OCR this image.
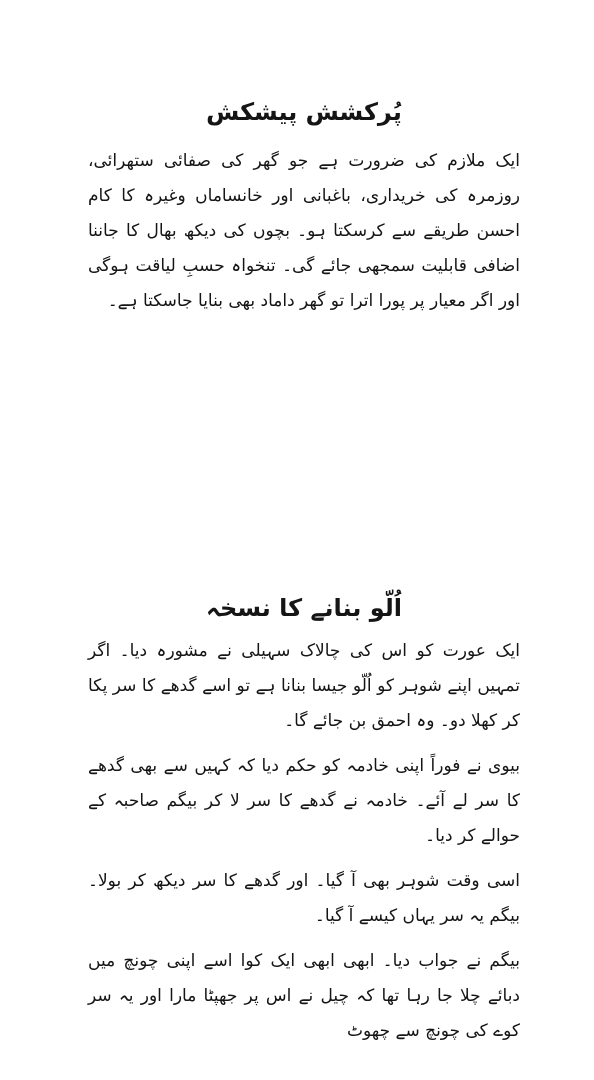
پُرکشش پیشکش

ایک ملازم کی ضرورت ہے جو گھر کی صفائی ستھرائی، روزمرہ کی خریداری، باغبانی اور خانساماں وغیرہ کا کام احسن طریقے سے کرسکتا ہو۔ بچوں کی دیکھ بھال کا جاننا اضافی قابلیت سمجھی جائے گی۔ تنخواہ حسبِ لیاقت ہوگی اور اگر معیار پر پورا اترا تو گھر داماد بھی بنایا جاسکتا ہے۔

اُلّو بنانے کا نسخہ

ایک عورت کو اس کی چالاک سہیلی نے مشورہ دیا۔ اگر تمہیں اپنے شوہر کو اُلّو جیسا بنانا ہے تو اسے گدھے کا سر پکا کر کھلا دو۔ وہ احمق بن جائے گا۔

بیوی نے فوراً اپنی خادمہ کو حکم دیا کہ کہیں سے بھی گدھے کا سر لے آئے۔ خادمہ نے گدھے کا سر لا کر بیگم صاحبہ کے حوالے کر دیا۔

اسی وقت شوہر بھی آ گیا۔ اور گدھے کا سر دیکھ کر بولا۔ بیگم یہ سر یہاں کیسے آ گیا۔

بیگم نے جواب دیا۔ ابھی ابھی ایک کوا اسے اپنی چونچ میں دبائے چلا جا رہا تھا کہ چیل نے اس پر جھپٹا مارا اور یہ سر کوے کی چونچ سے چھوٹ
